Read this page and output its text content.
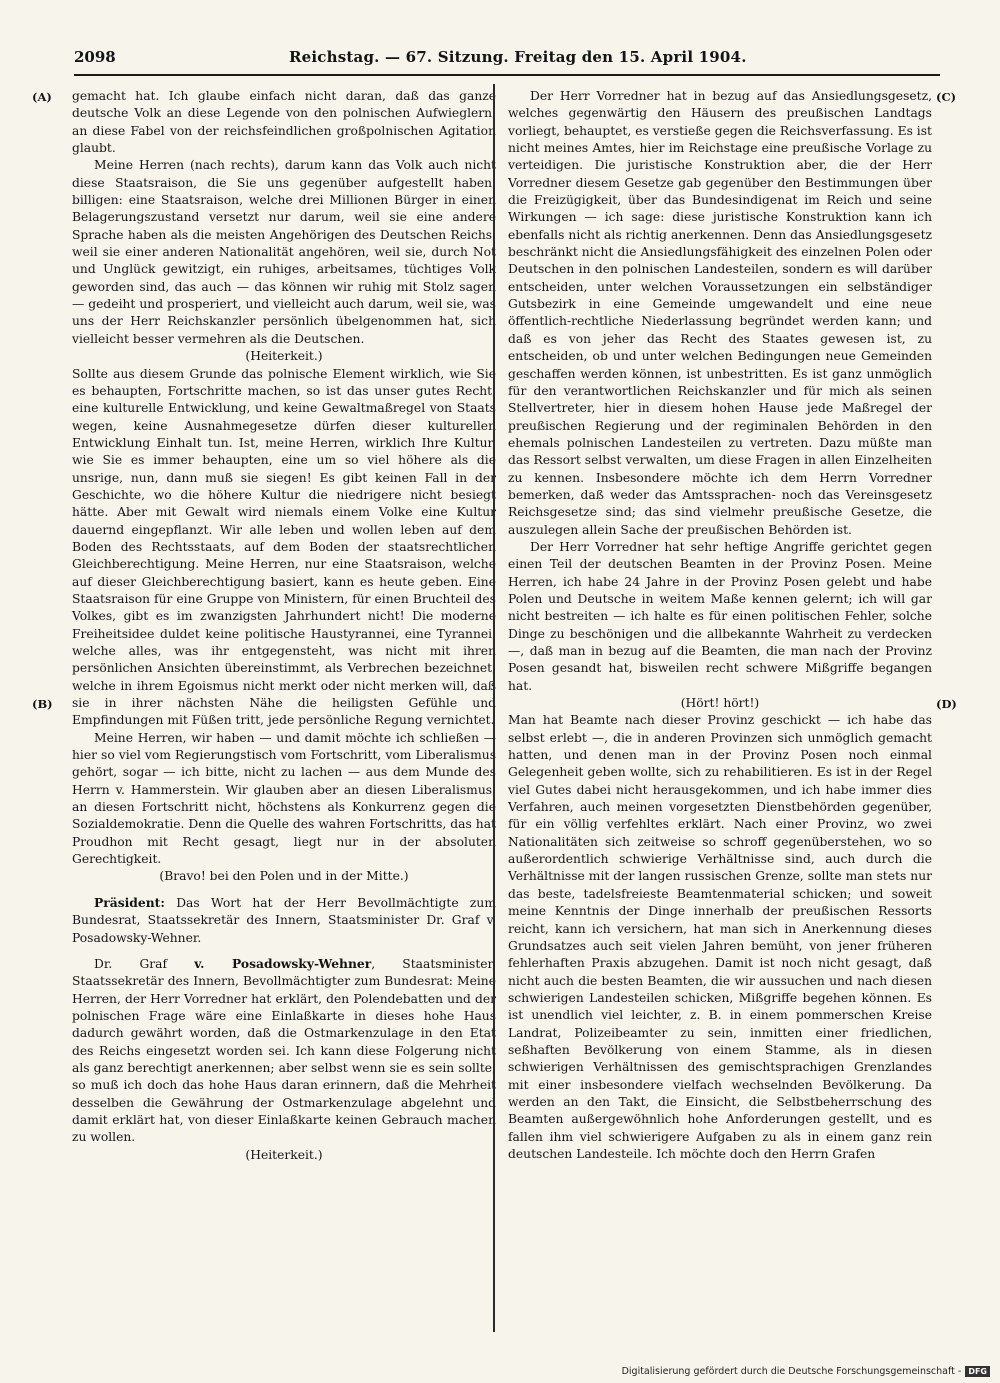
2098	Reichstag. — 67. Sitzung. Freitag den 15. April 1904.
(A)
(B)
(C)
(D)

gemacht hat. Ich glaube einfach nicht daran, daß das ganze deutsche Volk an diese Legende von den polnischen Aufwieglern, an diese Fabel von der reichsfeindlichen großpolnischen Agitation glaubt.

Meine Herren (nach rechts), darum kann das Volk auch nicht diese Staatsraison, die Sie uns gegenüber aufgestellt haben, billigen: eine Staatsraison, welche drei Millionen Bürger in einen Belagerungszustand versetzt nur darum, weil sie eine andere Sprache haben als die meisten Angehörigen des Deutschen Reichs, weil sie einer anderen Nationalität angehören, weil sie, durch Not und Unglück gewitzigt, ein ruhiges, arbeitsames, tüchtiges Volk geworden sind, das auch — das können wir ruhig mit Stolz sagen — gedeiht und prosperiert, und vielleicht auch darum, weil sie, was uns der Herr Reichskanzler persönlich übelgenommen hat, sich vielleicht besser vermehren als die Deutschen.

(Heiterkeit.)

Sollte aus diesem Grunde das polnische Element wirklich, wie Sie es behaupten, Fortschritte machen, so ist das unser gutes Recht, eine kulturelle Entwicklung, und keine Gewaltmaßregel von Staats wegen, keine Ausnahmegesetze dürfen dieser kulturellen Entwicklung Einhalt tun. Ist, meine Herren, wirklich Ihre Kultur, wie Sie es immer behaupten, eine um so viel höhere als die unsrige, nun, dann muß sie siegen! Es gibt keinen Fall in der Geschichte, wo die höhere Kultur die niedrigere nicht besiegt hätte. Aber mit Gewalt wird niemals einem Volke eine Kultur dauernd eingepflanzt. Wir alle leben und wollen leben auf dem Boden des Rechtsstaats, auf dem Boden der staatsrechtlichen Gleichberechtigung. Meine Herren, nur eine Staatsraison, welche auf dieser Gleichberechtigung basiert, kann es heute geben. Eine Staatsraison für eine Gruppe von Ministern, für einen Bruchteil des Volkes, gibt es im zwanzigsten Jahrhundert nicht! Die moderne Freiheitsidee duldet keine politische Haustyrannei, eine Tyrannei, welche alles, was ihr entgegensteht, was nicht mit ihren persönlichen Ansichten übereinstimmt, als Verbrechen bezeichnet, welche in ihrem Egoismus nicht merkt oder nicht merken will, daß sie in ihrer nächsten Nähe die heiligsten Gefühle und Empfindungen mit Füßen tritt, jede persönliche Regung vernichtet.

Meine Herren, wir haben — und damit möchte ich schließen — hier so viel vom Regierungstisch vom Fortschritt, vom Liberalismus gehört, sogar — ich bitte, nicht zu lachen — aus dem Munde des Herrn v. Hammerstein. Wir glauben aber an diesen Liberalismus, an diesen Fortschritt nicht, höchstens als Konkurrenz gegen die Sozialdemokratie. Denn die Quelle des wahren Fortschritts, das hat Proudhon mit Recht gesagt, liegt nur in der absoluten Gerechtigkeit.

(Bravo! bei den Polen und in der Mitte.)

Präsident: Das Wort hat der Herr Bevollmächtigte zum Bundesrat, Staatssekretär des Innern, Staatsminister Dr. Graf v. Posadowsky-Wehner.

Dr. Graf v. Posadowsky-Wehner, Staatsminister, Staatssekretär des Innern, Bevollmächtigter zum Bundesrat: Meine Herren, der Herr Vorredner hat erklärt, den Polendebatten und der polnischen Frage wäre eine Einlaßkarte in dieses hohe Haus dadurch gewährt worden, daß die Ostmarkenzulage in den Etat des Reichs eingesetzt worden sei. Ich kann diese Folgerung nicht als ganz berechtigt anerkennen; aber selbst wenn sie es sein sollte, so muß ich doch das hohe Haus daran erinnern, daß die Mehrheit desselben die Gewährung der Ostmarkenzulage abgelehnt und damit erklärt hat, von dieser Einlaßkarte keinen Gebrauch machen zu wollen.

(Heiterkeit.)

Der Herr Vorredner hat in bezug auf das Ansiedlungsgesetz, welches gegenwärtig den Häusern des preußischen Landtags vorliegt, behauptet, es verstieße gegen die Reichsverfassung. Es ist nicht meines Amtes, hier im Reichstage eine preußische Vorlage zu verteidigen. Die juristische Konstruktion aber, die der Herr Vorredner diesem Gesetze gab gegenüber den Bestimmungen über die Freizügigkeit, über das Bundesindigenat im Reich und seine Wirkungen — ich sage: diese juristische Konstruktion kann ich ebenfalls nicht als richtig anerkennen. Denn das Ansiedlungsgesetz beschränkt nicht die Ansiedlungsfähigkeit des einzelnen Polen oder Deutschen in den polnischen Landesteilen, sondern es will darüber entscheiden, unter welchen Voraussetzungen ein selbständiger Gutsbezirk in eine Gemeinde umgewandelt und eine neue öffentlich-rechtliche Niederlassung begründet werden kann; und daß es von jeher das Recht des Staates gewesen ist, zu entscheiden, ob und unter welchen Bedingungen neue Gemeinden geschaffen werden können, ist unbestritten. Es ist ganz unmöglich für den verantwortlichen Reichskanzler und für mich als seinen Stellvertreter, hier in diesem hohen Hause jede Maßregel der preußischen Regierung und der regiminalen Behörden in den ehemals polnischen Landesteilen zu vertreten. Dazu müßte man das Ressort selbst verwalten, um diese Fragen in allen Einzelheiten zu kennen. Insbesondere möchte ich dem Herrn Vorredner bemerken, daß weder das Amtssprachen- noch das Vereinsgesetz Reichsgesetze sind; das sind vielmehr preußische Gesetze, die auszulegen allein Sache der preußischen Behörden ist.

Der Herr Vorredner hat sehr heftige Angriffe gerichtet gegen einen Teil der deutschen Beamten in der Provinz Posen. Meine Herren, ich habe 24 Jahre in der Provinz Posen gelebt und habe Polen und Deutsche in weitem Maße kennen gelernt; ich will gar nicht bestreiten — ich halte es für einen politischen Fehler, solche Dinge zu beschönigen und die allbekannte Wahrheit zu verdecken —, daß man in bezug auf die Beamten, die man nach der Provinz Posen gesandt hat, bisweilen recht schwere Mißgriffe begangen hat.

(Hört! hört!)

Man hat Beamte nach dieser Provinz geschickt — ich habe das selbst erlebt —, die in anderen Provinzen sich unmöglich gemacht hatten, und denen man in der Provinz Posen noch einmal Gelegenheit geben wollte, sich zu rehabilitieren. Es ist in der Regel viel Gutes dabei nicht herausgekommen, und ich habe immer dies Verfahren, auch meinen vorgesetzten Dienstbehörden gegenüber, für ein völlig verfehltes erklärt. Nach einer Provinz, wo zwei Nationalitäten sich zeitweise so schroff gegenüberstehen, wo so außerordentlich schwierige Verhältnisse sind, auch durch die Verhältnisse mit der langen russischen Grenze, sollte man stets nur das beste, tadelsfreieste Beamtenmaterial schicken; und soweit meine Kenntnis der Dinge innerhalb der preußischen Ressorts reicht, kann ich versichern, hat man sich in Anerkennung dieses Grundsatzes auch seit vielen Jahren bemüht, von jener früheren fehlerhaften Praxis abzugehen. Damit ist noch nicht gesagt, daß nicht auch die besten Beamten, die wir aussuchen und nach diesen schwierigen Landesteilen schicken, Mißgriffe begehen können. Es ist unendlich viel leichter, z. B. in einem pommerschen Kreise Landrat, Polizeibeamter zu sein, inmitten einer friedlichen, seßhaften Bevölkerung von einem Stamme, als in diesen schwierigen Verhältnissen des gemischtsprachigen Grenzlandes mit einer insbesondere vielfach wechselnden Bevölkerung. Da werden an den Takt, die Einsicht, die Selbstbeherrschung des Beamten außergewöhnlich hohe Anforderungen gestellt, und es fallen ihm viel schwierigere Aufgaben zu als in einem ganz rein deutschen Landesteile. Ich möchte doch den Herrn Grafen

Digitalisierung gefördert durch die Deutsche Forschungsgemeinschaft - DFG
